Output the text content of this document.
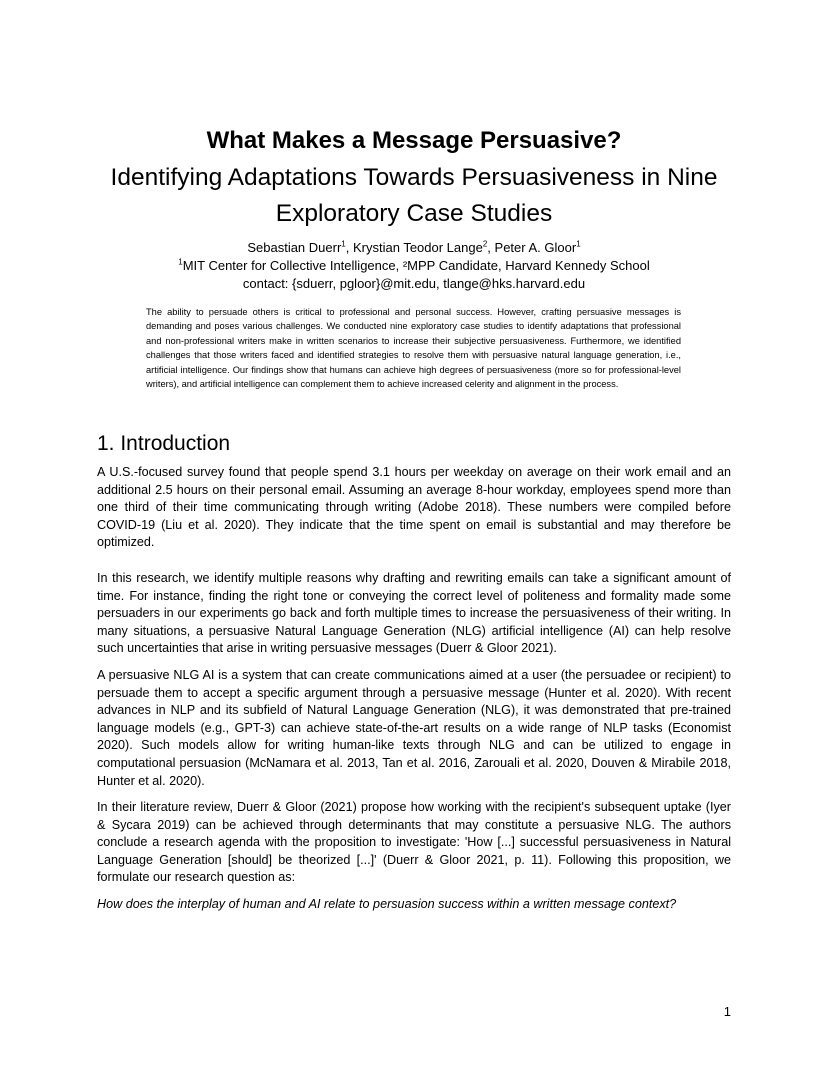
What Makes a Message Persuasive?
Identifying Adaptations Towards Persuasiveness in Nine Exploratory Case Studies
Sebastian Duerr$^1$, Krystian Teodor Lange$^2$, Peter A. Gloor$^1$
$^1$MIT Center for Collective Intelligence, ²MPP Candidate, Harvard Kennedy School
contact: {sduerr, pgloor}@mit.edu, tlange@hks.harvard.edu
The ability to persuade others is critical to professional and personal success. However, crafting persuasive messages is demanding and poses various challenges. We conducted nine exploratory case studies to identify adaptations that professional and non-professional writers make in written scenarios to increase their subjective persuasiveness. Furthermore, we identified challenges that those writers faced and identified strategies to resolve them with persuasive natural language generation, i.e., artificial intelligence. Our findings show that humans can achieve high degrees of persuasiveness (more so for professional-level writers), and artificial intelligence can complement them to achieve increased celerity and alignment in the process.
1. Introduction

A U.S.-focused survey found that people spend 3.1 hours per weekday on average on their work email and an additional 2.5 hours on their personal email. Assuming an average 8-hour workday, employees spend more than one third of their time communicating through writing (Adobe 2018). These numbers were compiled before COVID-19 (Liu et al. 2020). They indicate that the time spent on email is substantial and may therefore be optimized.

In this research, we identify multiple reasons why drafting and rewriting emails can take a significant amount of time. For instance, finding the right tone or conveying the correct level of politeness and formality made some persuaders in our experiments go back and forth multiple times to increase the persuasiveness of their writing. In many situations, a persuasive Natural Language Generation (NLG) artificial intelligence (AI) can help resolve such uncertainties that arise in writing persuasive messages (Duerr & Gloor 2021).

A persuasive NLG AI is a system that can create communications aimed at a user (the persuadee or recipient) to persuade them to accept a specific argument through a persuasive message (Hunter et al. 2020). With recent advances in NLP and its subfield of Natural Language Generation (NLG), it was demonstrated that pre-trained language models (e.g., GPT-3) can achieve state-of-the-art results on a wide range of NLP tasks (Economist 2020). Such models allow for writing human-like texts through NLG and can be utilized to engage in computational persuasion (McNamara et al. 2013, Tan et al. 2016, Zarouali et al. 2020, Douven & Mirabile 2018, Hunter et al. 2020).

In their literature review, Duerr & Gloor (2021) propose how working with the recipient's subsequent uptake (Iyer & Sycara 2019) can be achieved through determinants that may constitute a persuasive NLG. The authors conclude a research agenda with the proposition to investigate: 'How [...] successful persuasiveness in Natural Language Generation [should] be theorized [...]' (Duerr & Gloor 2021, p. 11). Following this proposition, we formulate our research question as:

How does the interplay of human and AI relate to persuasion success within a written message context?

1
